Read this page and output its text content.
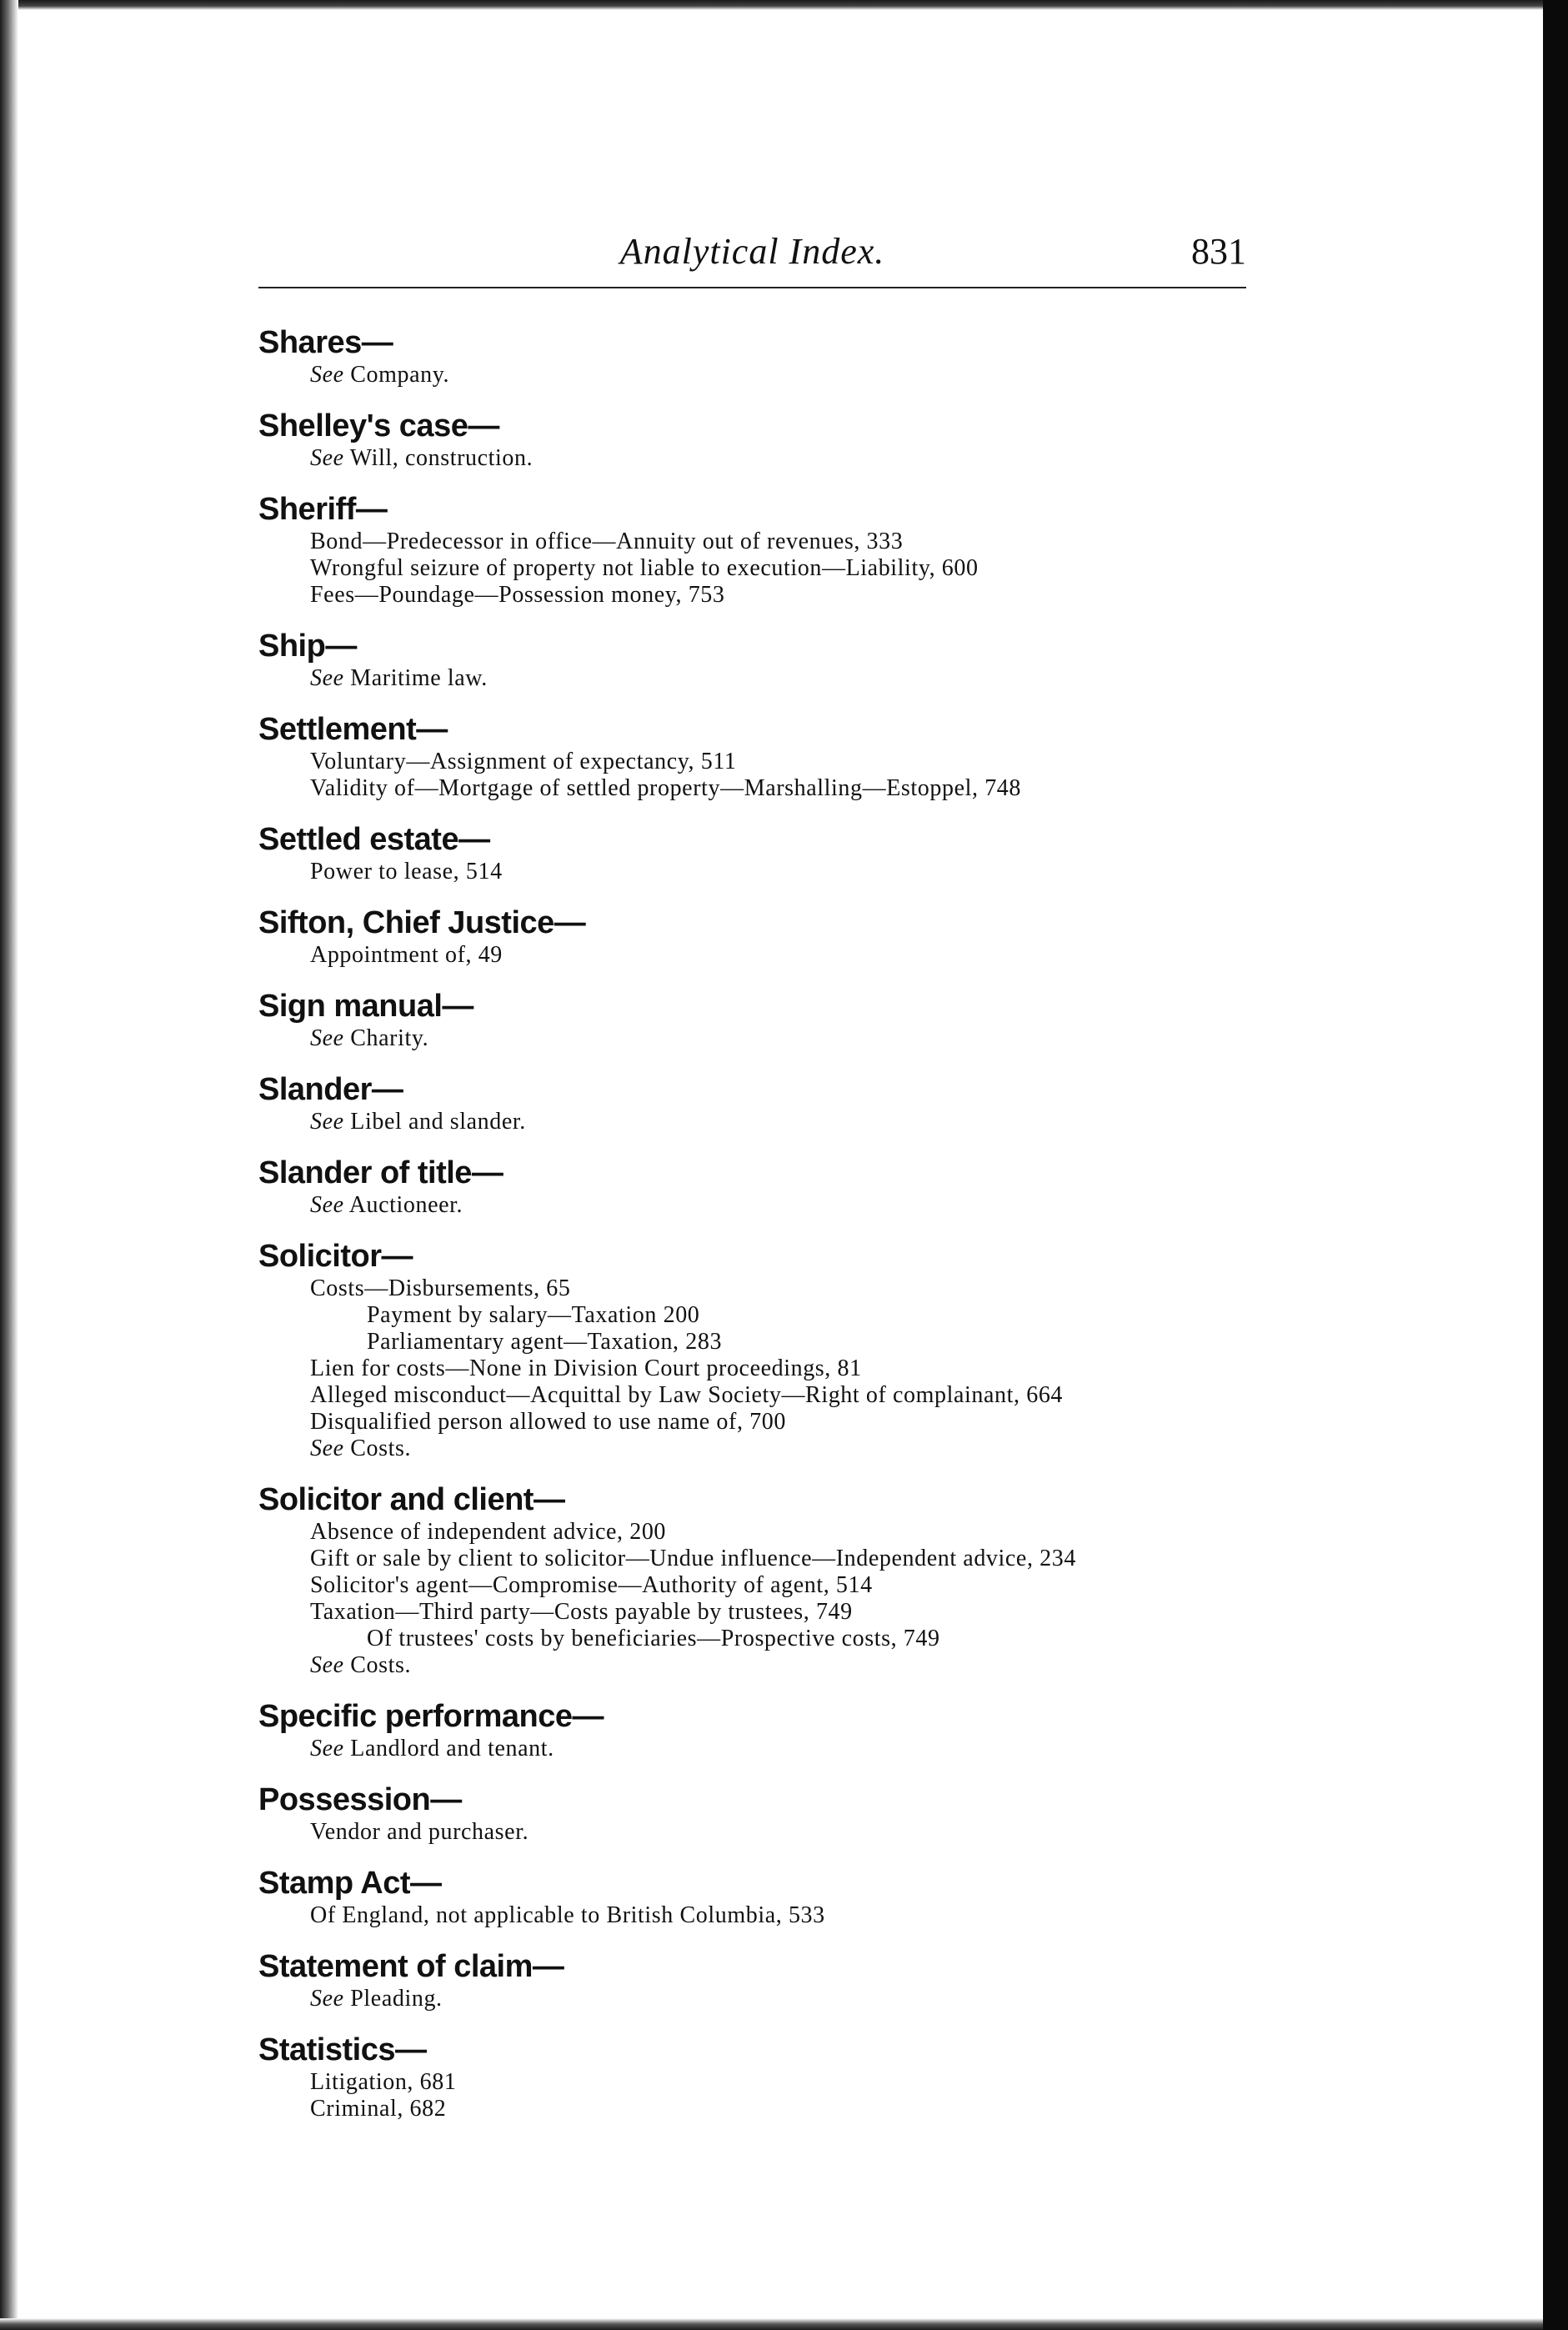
Analytical Index.	831
Shares—
See Company.
Shelley's case—
See Will, construction.
Sheriff—
Bond—Predecessor in office—Annuity out of revenues, 333
Wrongful seizure of property not liable to execution—Liability, 600
Fees—Poundage—Possession money, 753
Ship—
See Maritime law.
Settlement—
Voluntary—Assignment of expectancy, 511
Validity of—Mortgage of settled property—Marshalling—Estoppel, 748
Settled estate—
Power to lease, 514
Sifton, Chief Justice—
Appointment of, 49
Sign manual—
See Charity.
Slander—
See Libel and slander.
Slander of title—
See Auctioneer.
Solicitor—
Costs—Disbursements, 65
Payment by salary—Taxation 200
Parliamentary agent—Taxation, 283
Lien for costs—None in Division Court proceedings, 81
Alleged misconduct—Acquittal by Law Society—Right of complainant, 664
Disqualified person allowed to use name of, 700
See Costs.
Solicitor and client—
Absence of independent advice, 200
Gift or sale by client to solicitor—Undue influence—Independent advice, 234
Solicitor's agent—Compromise—Authority of agent, 514
Taxation—Third party—Costs payable by trustees, 749
Of trustees' costs by beneficiaries—Prospective costs, 749
See Costs.
Specific performance—
See Landlord and tenant.
Possession—
Vendor and purchaser.
Stamp Act—
Of England, not applicable to British Columbia, 533
Statement of claim—
See Pleading.
Statistics—
Litigation, 681
Criminal, 682
